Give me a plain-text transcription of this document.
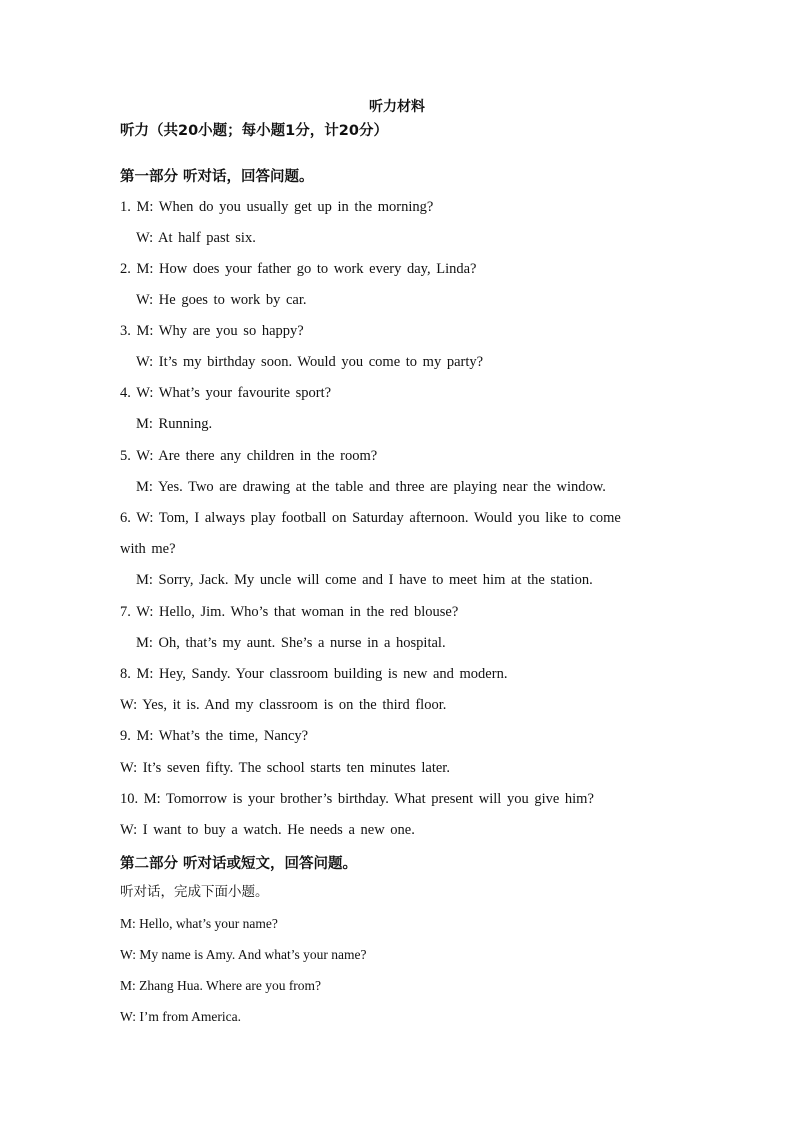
听力材料
听力（共20小题；每小题1分，计20分）
第一部分 听对话，回答问题。
1. M: When do you usually get up in the morning?
W: At half past six.
2. M: How does your father go to work every day, Linda?
W: He goes to work by car.
3. M: Why are you so happy?
W: It’s my birthday soon. Would you come to my party?
4. W: What’s your favourite sport?
M: Running.
5. W: Are there any children in the room?
M: Yes. Two are drawing at the table and three are playing near the window.
6. W: Tom, I always play football on Saturday afternoon. Would you like to come
with me?
M: Sorry, Jack. My uncle will come and I have to meet him at the station.
7. W: Hello, Jim. Who’s that woman in the red blouse?
M: Oh, that’s my aunt. She’s a nurse in a hospital.
8. M: Hey, Sandy. Your classroom building is new and modern.
W: Yes, it is. And my classroom is on the third floor.
9. M: What’s the time, Nancy?
W: It’s seven fifty. The school starts ten minutes later.
10. M: Tomorrow is your brother’s birthday. What present will you give him?
W: I want to buy a watch. He needs a new one.
第二部分 听对话或短文，回答问题。
听对话，完成下面小题。
M: Hello, what’s your name?
W: My name is Amy. And what’s your name?
M: Zhang Hua. Where are you from?
W: I’m from America.
